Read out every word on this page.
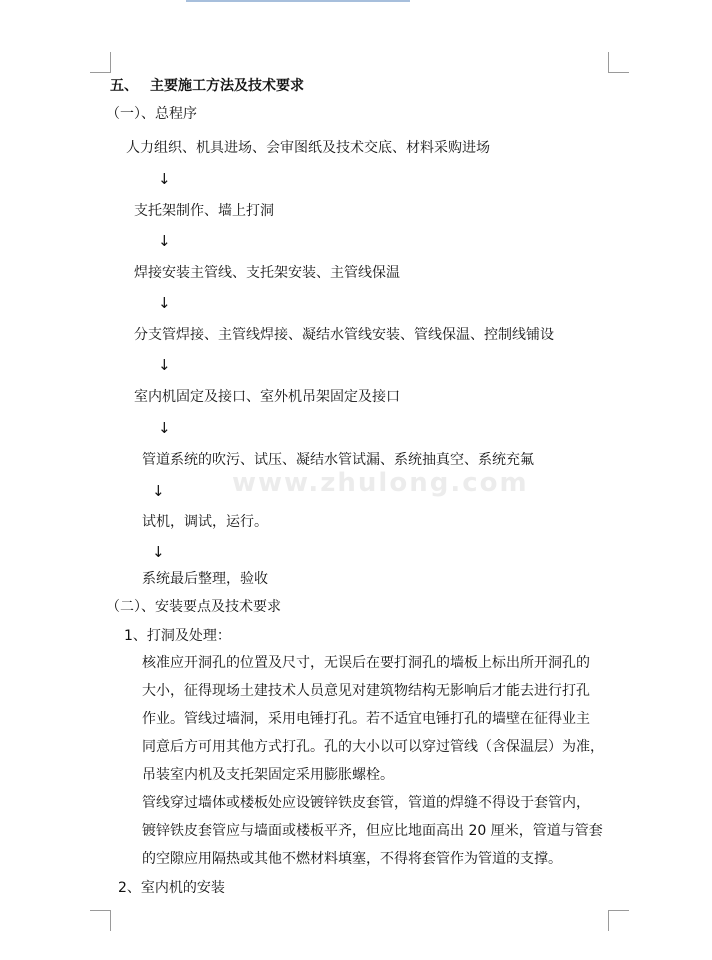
www.zhulong.com
五、 主要施工方法及技术要求
（一）、总程序
人力组织、机具进场、会审图纸及技术交底、材料采购进场
↓
支托架制作、墙上打洞
↓
焊接安装主管线、支托架安装、主管线保温
↓
分支管焊接、主管线焊接、凝结水管线安装、管线保温、控制线铺设
↓
室内机固定及接口、室外机吊架固定及接口
↓
管道系统的吹污、试压、凝结水管试漏、系统抽真空、系统充氟
↓
试机，调试，运行。
↓
系统最后整理，验收
（二）、安装要点及技术要求
1、打洞及处理：
核准应开洞孔的位置及尺寸，无误后在要打洞孔的墙板上标出所开洞孔的
大小，征得现场土建技术人员意见对建筑物结构无影响后才能去进行打孔
作业。管线过墙洞，采用电锤打孔。若不适宜电锤打孔的墙壁在征得业主
同意后方可用其他方式打孔。孔的大小以可以穿过管线（含保温层）为准，
吊装室内机及支托架固定采用膨胀螺栓。
管线穿过墙体或楼板处应设镀锌铁皮套管，管道的焊缝不得设于套管内，
镀锌铁皮套管应与墙面或楼板平齐，但应比地面高出 20 厘米，管道与管套
的空隙应用隔热或其他不燃材料填塞，不得将套管作为管道的支撑。
2、室内机的安装
